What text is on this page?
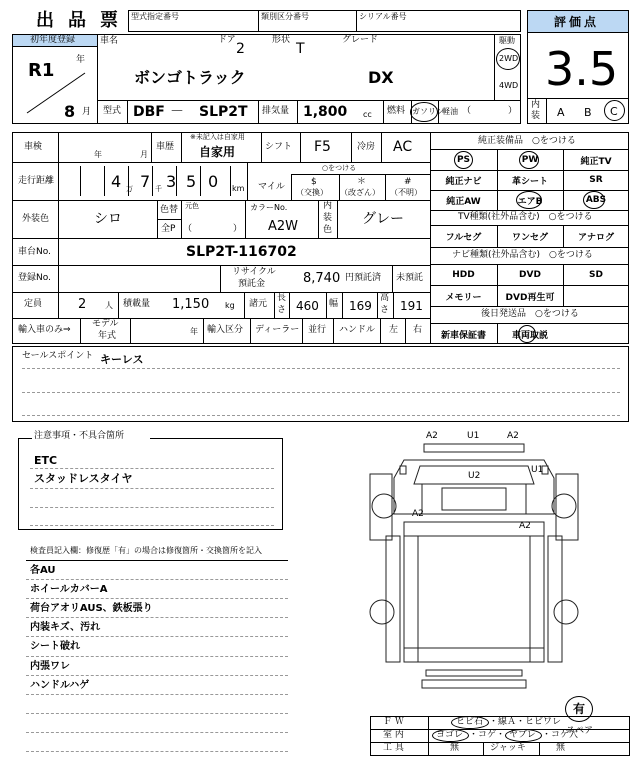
出品票 型式指定番号	類別区分番号	シリアル番号
初年度登録
R1 年
8 月
車名	ドア
2
形状
T
グレード
ボンゴトラック	DX
駆動
2WD
4WD
型式 DBF － SLP2T 排気量 1,800 cc 燃料 ガソリン
軽油 （	）
評価点
3.5
内
装 A B C
車検
年	月
車歴
※未記入は自家用
自家用	シフト F5	冷房 AC
走行距離	4 万 7 千 3 5 0 km マイル
○をつける
$
（交換）
＊
（改ざん）
#
（不明）
外装色	シロ
色替
全P
元色
（	）
カラーNo.
A2W
内
装
色
グレー
車台No.	SLP2T-116702
登録No.
リサイクル
預託金	8,740 円預託済 未預託
定員	2 人 積載量 1,150 kg 諸元
長
さ 460 幅 169
高
さ 191
輸入車のみ⇒
モデル
年式	年 輸入区分 ディーラー 並行 ハンドル 左 右
純正装備品　○をつける
PS	PW	純正TV
純正ナビ	革シート	SR
純正AW	エアB	ABS
TV種類(社外品含む)　○をつける
フルセグ	ワンセグ	アナログ
ナビ種類(社外品含む)　○をつける
HDD	DVD	SD
メモリー	DVD再生可
後日発送品　○をつける
新車保証書	車両取説
セールスポイント キーレス
注意事項・不具合箇所
ETC
スタッドレスタイヤ
検査員記入欄：修復歴「有」の場合は修復箇所・交換箇所を記入
各AU
ホイールカバーA
荷台アオリAUS、鉄板張り
内装キズ、汚れ
シート破れ
内張ワレ
ハンドルハゲ
A2	U1	A2
U1
U2
A2
A2
有
スペア
Ｆ Ｗ	ヒビ石 ・線Ａ・ヒビワレ
室 内	ヨゴレ ・コゲ・ ヤブレ ・コゲ穴
工 具	無	ジャッキ	無
